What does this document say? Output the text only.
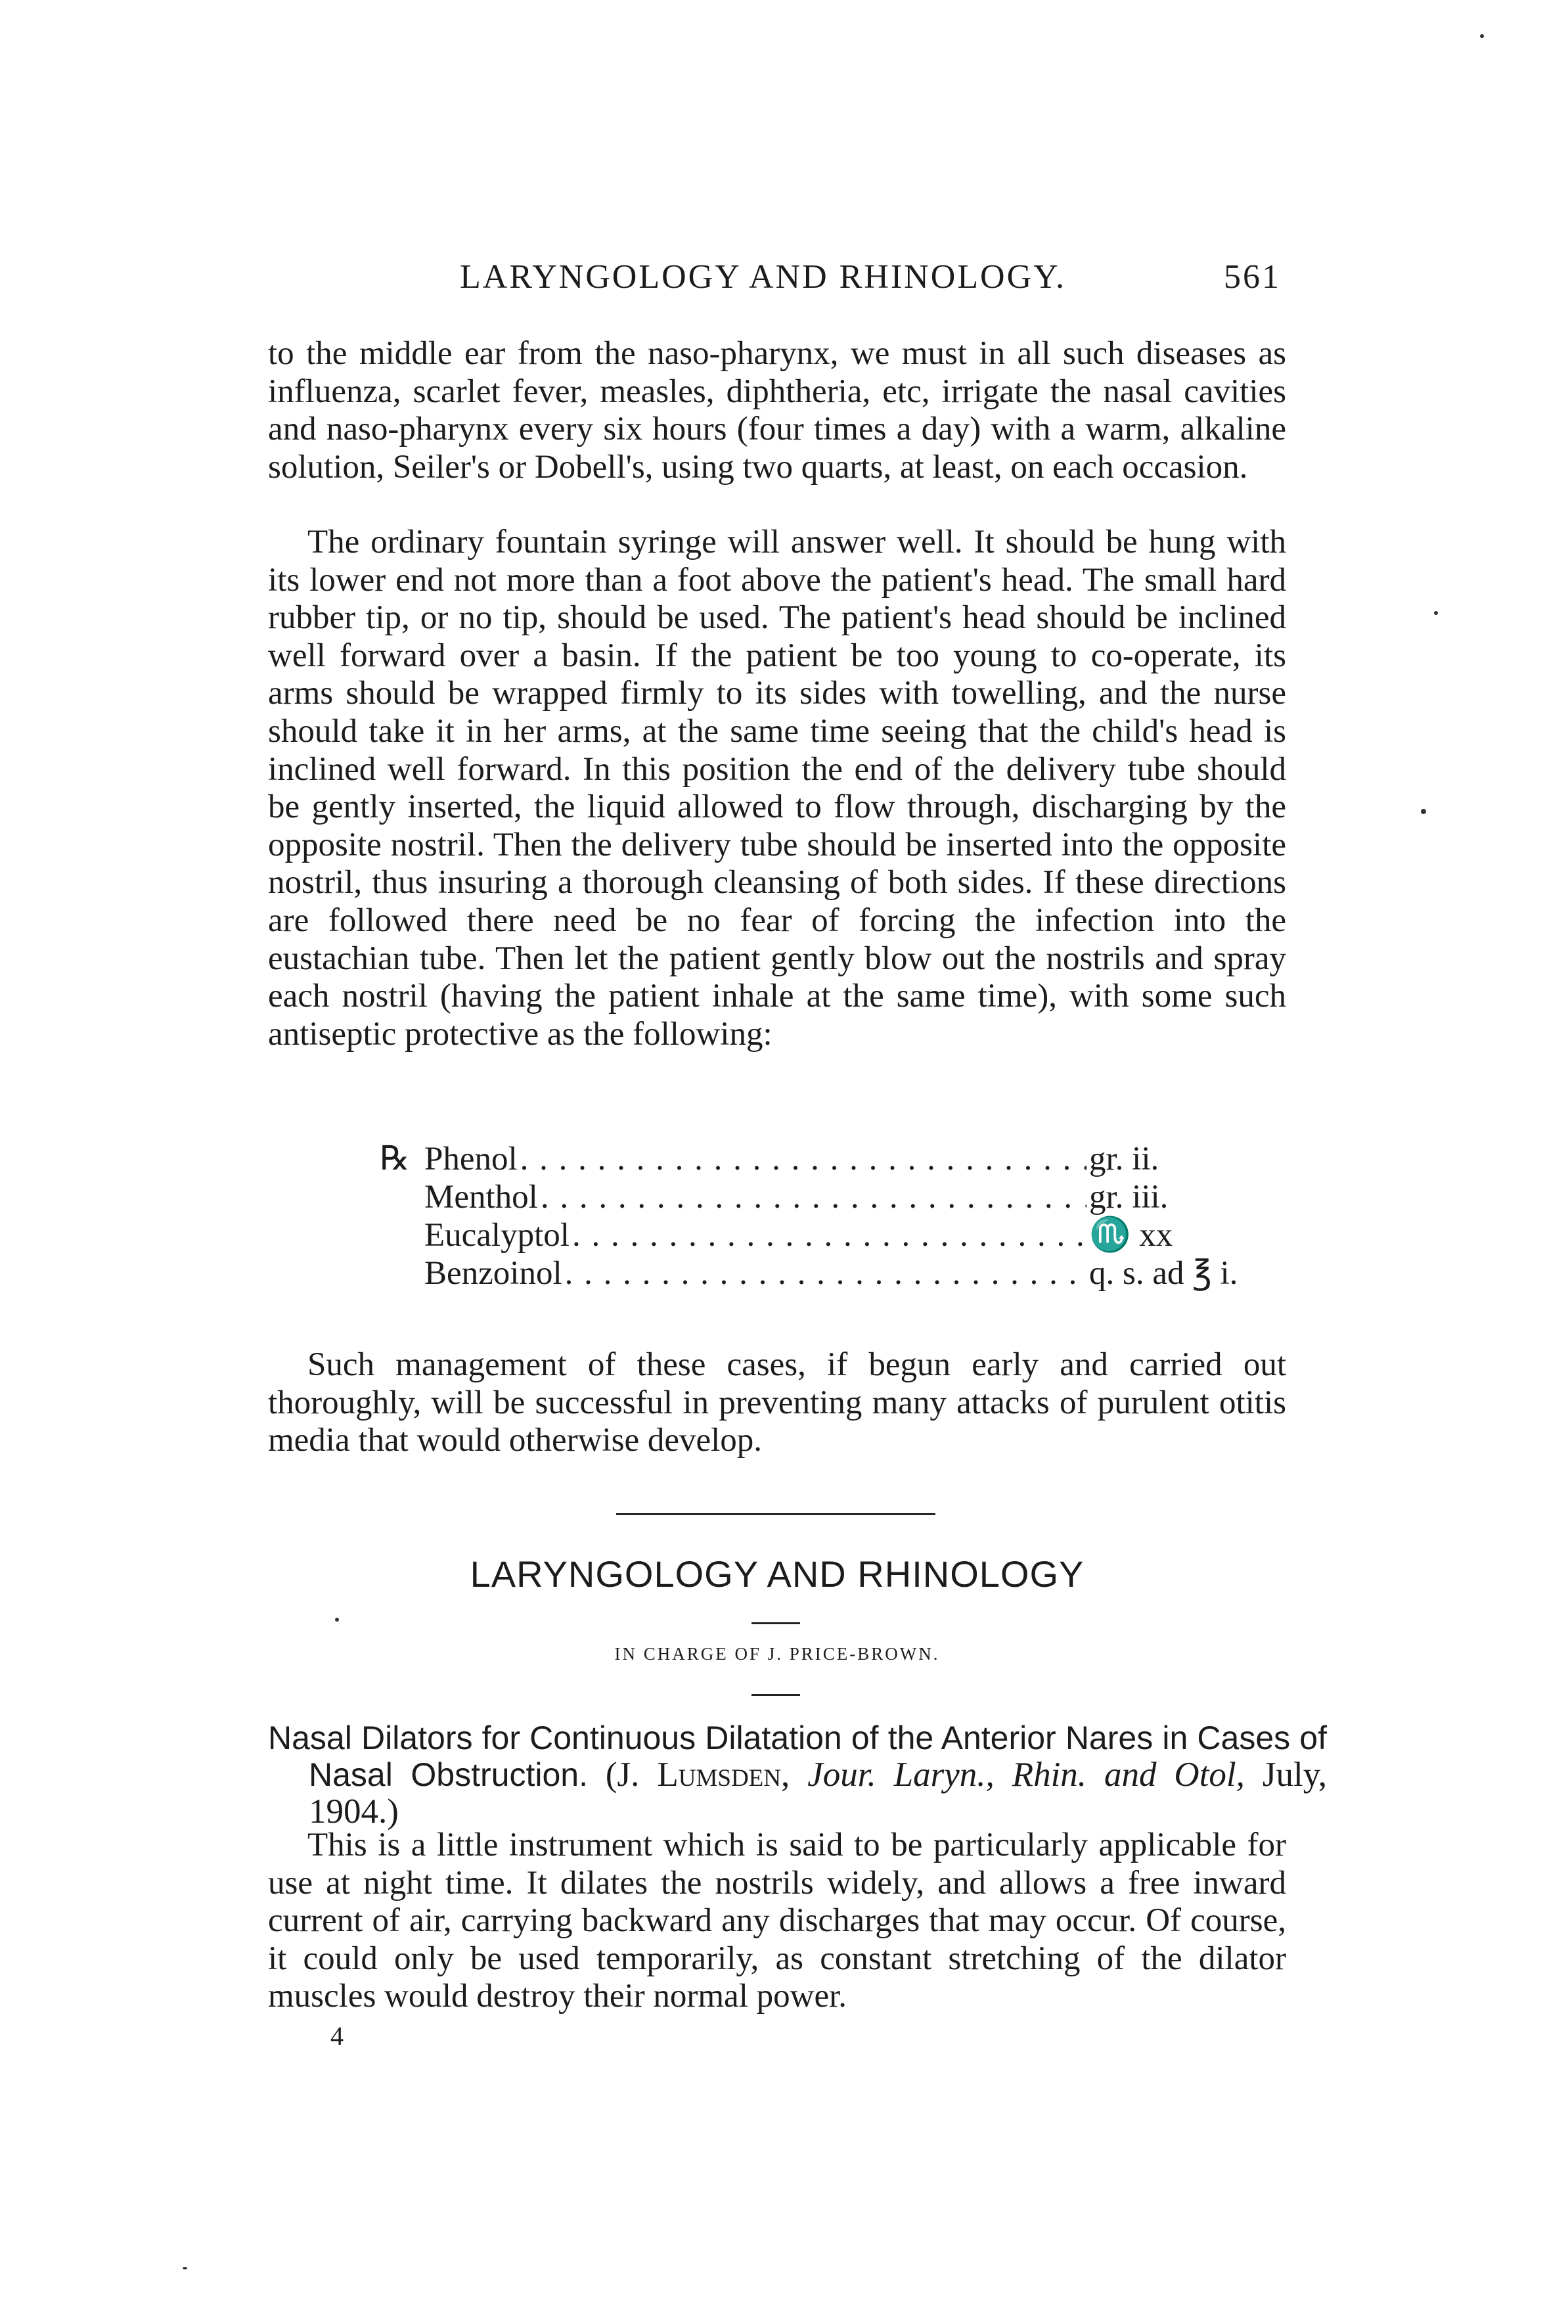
LARYNGOLOGY AND RHINOLOGY.	561

to the middle ear from the naso-pharynx, we must in all such diseases as influenza, scarlet fever, measles, diphtheria, etc, irrigate the nasal cavities and naso-pharynx every six hours (four times a day) with a warm, alkaline solution, Seiler's or Dobell's, using two quarts, at least, on each occasion.

The ordinary fountain syringe will answer well. It should be hung with its lower end not more than a foot above the patient's head. The small hard rubber tip, or no tip, should be used. The patient's head should be inclined well forward over a basin. If the patient be too young to co-operate, its arms should be wrapped firmly to its sides with towelling, and the nurse should take it in her arms, at the same time seeing that the child's head is inclined well forward. In this position the end of the delivery tube should be gently inserted, the liquid allowed to flow through, discharging by the opposite nostril. Then the delivery tube should be inserted into the opposite nostril, thus insuring a thorough cleansing of both sides. If these directions are followed there need be no fear of forcing the infection into the eustachian tube. Then let the patient gently blow out the nostrils and spray each nostril (having the patient inhale at the same time), with some such antiseptic protective as the following:

℞ Phenol . . .	gr. ii.
Menthol . . .	gr. iii.
Eucalyptol . . .	♏ xx
Benzoinol . . .	q. s. ad ℥ i.

Such management of these cases, if begun early and carried out thoroughly, will be successful in preventing many attacks of purulent otitis media that would otherwise develop.

LARYNGOLOGY AND RHINOLOGY
IN CHARGE OF J. PRICE-BROWN.
Nasal Dilators for Continuous Dilatation of the Anterior Nares in Cases of Nasal Obstruction. (J. Lumsden, Jour. Laryn., Rhin. and Otol, July, 1904.)

This is a little instrument which is said to be particularly applicable for use at night time. It dilates the nostrils widely, and allows a free inward current of air, carrying backward any discharges that may occur. Of course, it could only be used temporarily, as constant stretching of the dilator muscles would destroy their normal power.

4
